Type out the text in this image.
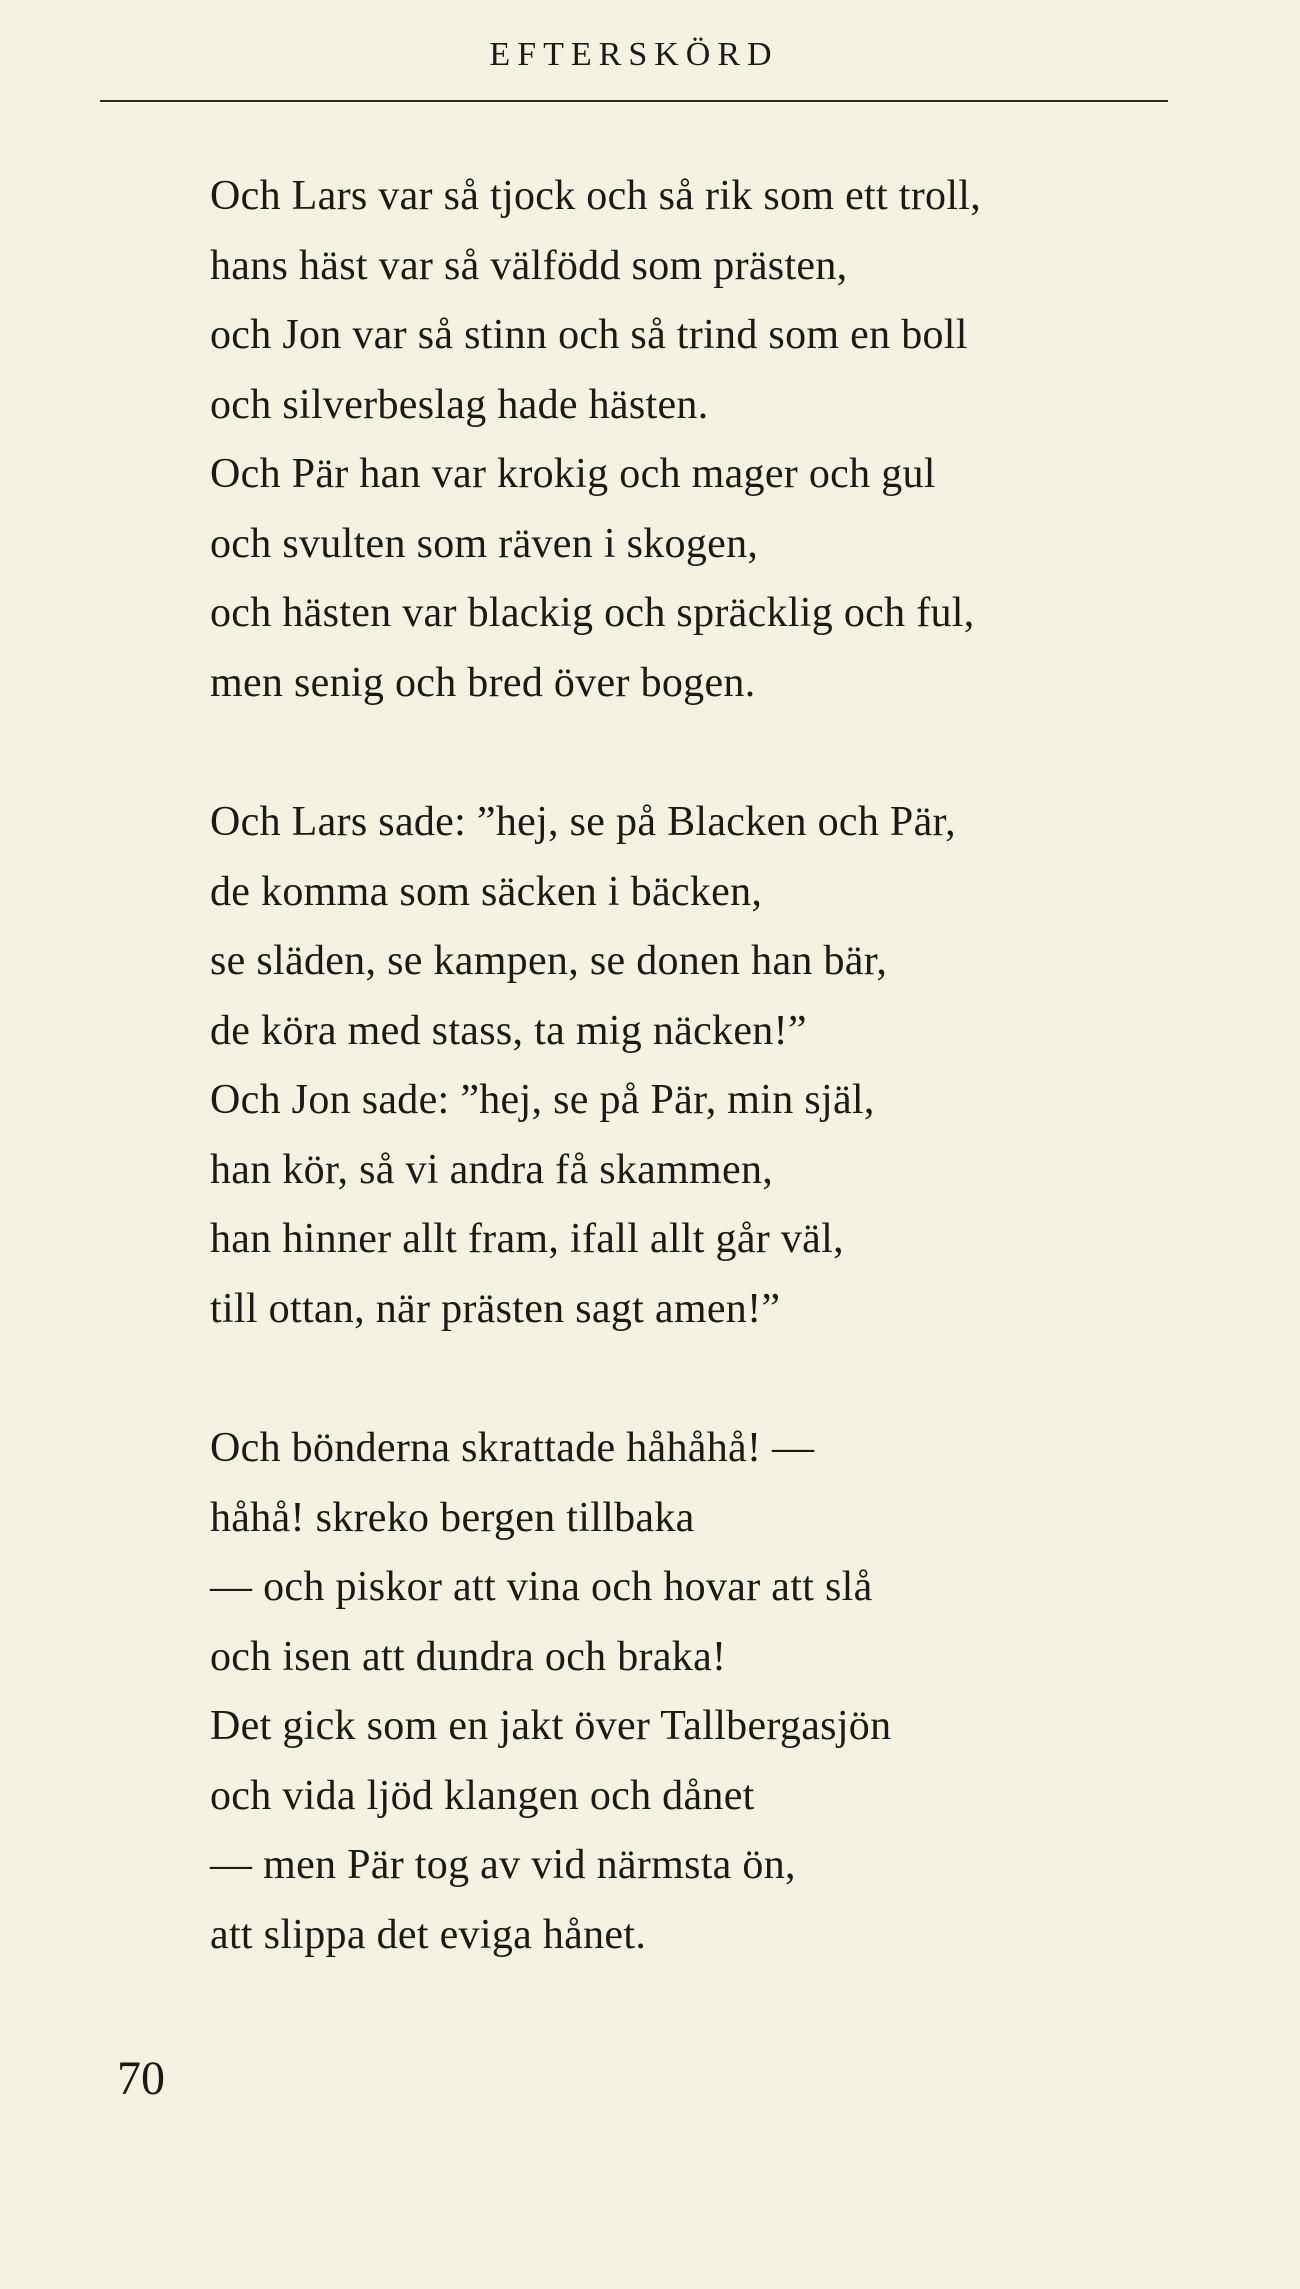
EFTERSKÖRD
Och Lars var så tjock och så rik som ett troll,
hans häst var så välfödd som prästen,
och Jon var så stinn och så trind som en boll
och silverbeslag hade hästen.
Och Pär han var krokig och mager och gul
och svulten som räven i skogen,
och hästen var blackig och spräcklig och ful,
men senig och bred över bogen.
Och Lars sade: ”hej, se på Blacken och Pär,
de komma som säcken i bäcken,
se släden, se kampen, se donen han bär,
de köra med stass, ta mig näcken!”
Och Jon sade: ”hej, se på Pär, min själ,
han kör, så vi andra få skammen,
han hinner allt fram, ifall allt går väl,
till ottan, när prästen sagt amen!”
Och bönderna skrattade håhåhå! —
håhå! skreko bergen tillbaka
— och piskor att vina och hovar att slå
och isen att dundra och braka!
Det gick som en jakt över Tallbergasjön
och vida ljöd klangen och dånet
— men Pär tog av vid närmsta ön,
att slippa det eviga hånet.
70
